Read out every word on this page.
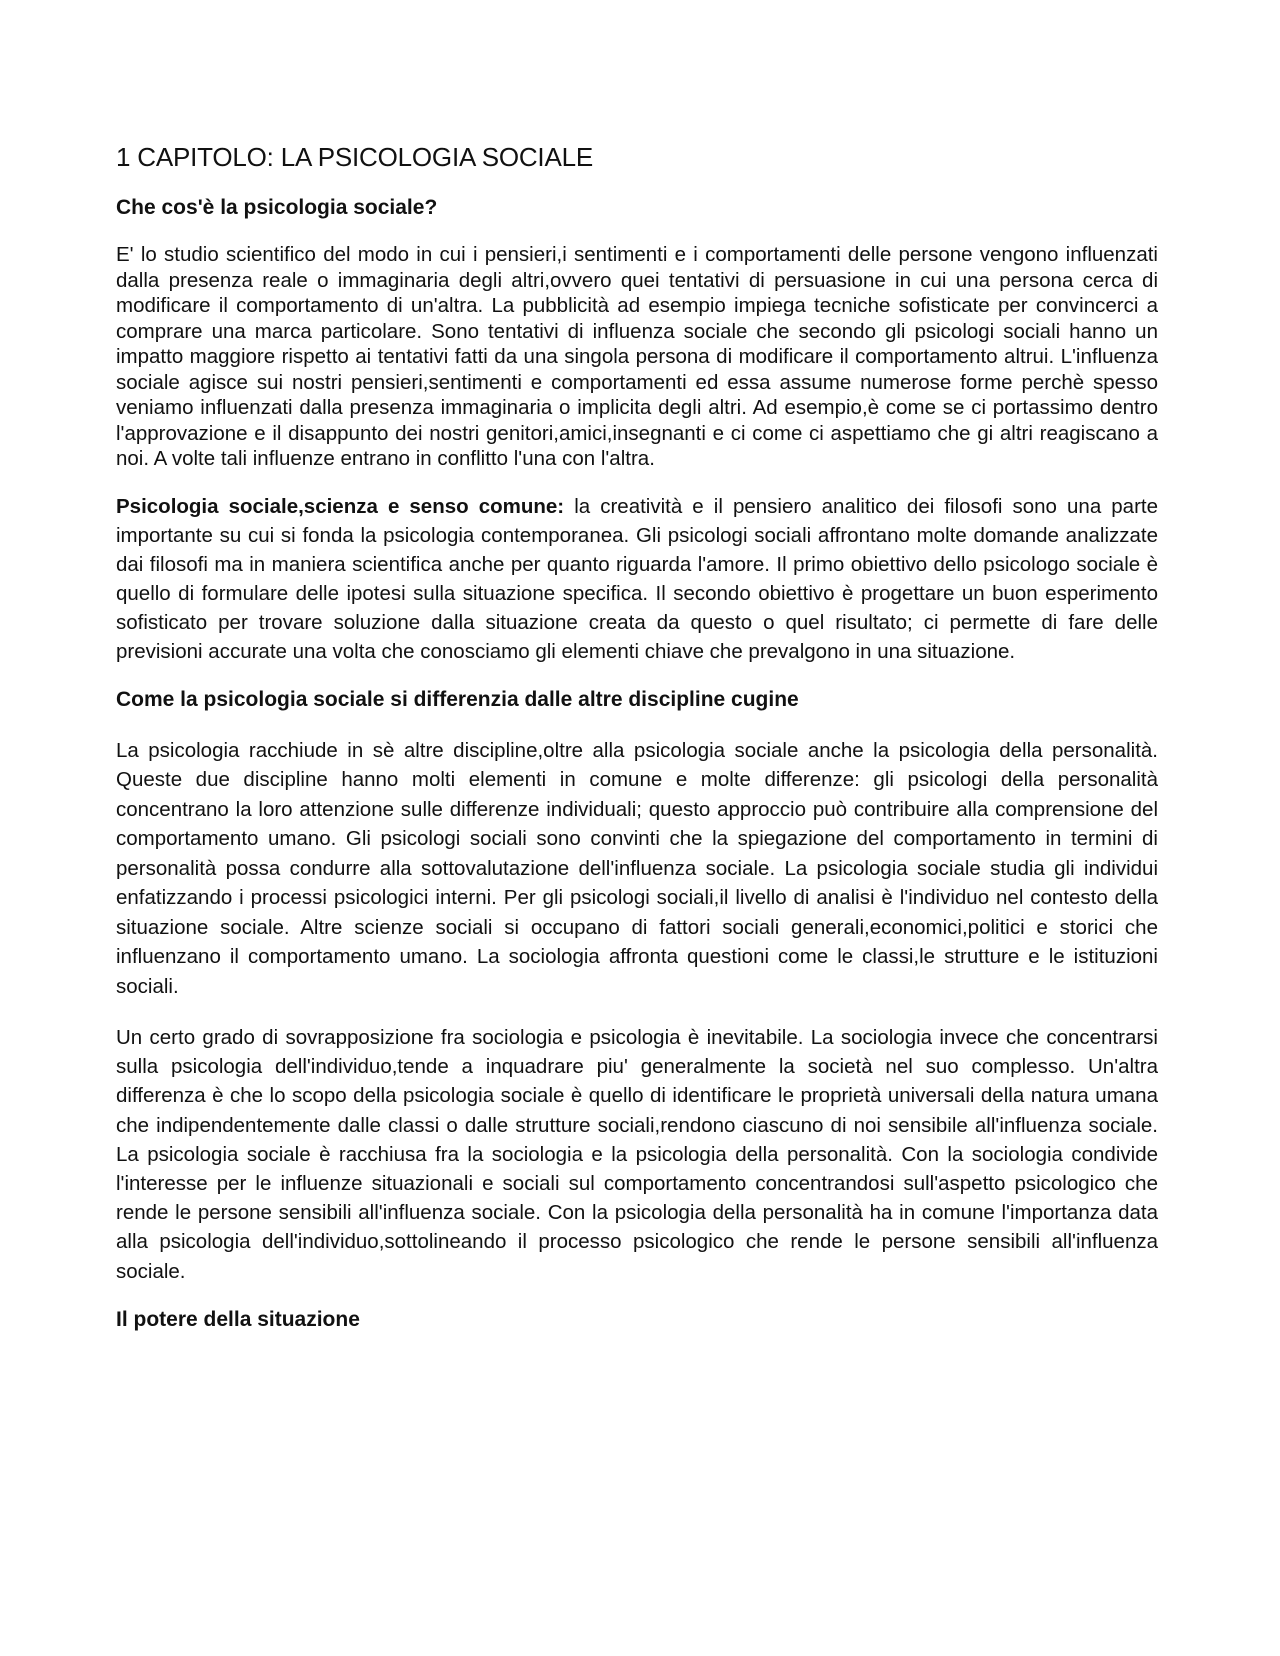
1 CAPITOLO: LA PSICOLOGIA SOCIALE
Che cos'è la psicologia sociale?

E' lo studio scientifico del modo in cui i pensieri,i sentimenti e i comportamenti delle persone vengono influenzati dalla presenza reale o immaginaria degli altri,ovvero quei tentativi di persuasione in cui una persona cerca di modificare il comportamento di un'altra. La pubblicità ad esempio impiega tecniche sofisticate per convincerci a comprare una marca particolare. Sono tentativi di influenza sociale che secondo gli psicologi sociali hanno un impatto maggiore rispetto ai tentativi fatti da una singola persona di modificare il comportamento altrui. L'influenza sociale agisce sui nostri pensieri,sentimenti e comportamenti ed essa assume numerose forme perchè spesso veniamo influenzati dalla presenza immaginaria o implicita degli altri. Ad esempio,è come se ci portassimo dentro l'approvazione e il disappunto dei nostri genitori,amici,insegnanti e ci come ci aspettiamo che gi altri reagiscano a noi. A volte tali influenze entrano in conflitto l'una con l'altra.

Psicologia sociale,scienza e senso comune: la creatività e il pensiero analitico dei filosofi sono una parte importante su cui si fonda la psicologia contemporanea. Gli psicologi sociali affrontano molte domande analizzate dai filosofi ma in maniera scientifica anche per quanto riguarda l'amore. Il primo obiettivo dello psicologo sociale è quello di formulare delle ipotesi sulla situazione specifica. Il secondo obiettivo è progettare un buon esperimento sofisticato per trovare soluzione dalla situazione creata da questo o quel risultato; ci permette di fare delle previsioni accurate una volta che conosciamo gli elementi chiave che prevalgono in una situazione.

Come la psicologia sociale si differenzia dalle altre discipline cugine

La psicologia racchiude in sè altre discipline,oltre alla psicologia sociale anche la psicologia della personalità. Queste due discipline hanno molti elementi in comune e molte differenze: gli psicologi della personalità concentrano la loro attenzione sulle differenze individuali; questo approccio può contribuire alla comprensione del comportamento umano. Gli psicologi sociali sono convinti che la spiegazione del comportamento in termini di personalità possa condurre alla sottovalutazione dell'influenza sociale. La psicologia sociale studia gli individui enfatizzando i processi psicologici interni. Per gli psicologi sociali,il livello di analisi è l'individuo nel contesto della situazione sociale. Altre scienze sociali si occupano di fattori sociali generali,economici,politici e storici che influenzano il comportamento umano. La sociologia affronta questioni come le classi,le strutture e le istituzioni sociali.

Un certo grado di sovrapposizione fra sociologia e psicologia è inevitabile. La sociologia invece che concentrarsi sulla psicologia dell'individuo,tende a inquadrare piu' generalmente la società nel suo complesso. Un'altra differenza è che lo scopo della psicologia sociale è quello di identificare le proprietà universali della natura umana che indipendentemente dalle classi o dalle strutture sociali,rendono ciascuno di noi sensibile all'influenza sociale. La psicologia sociale è racchiusa fra la sociologia e la psicologia della personalità. Con la sociologia condivide l'interesse per le influenze situazionali e sociali sul comportamento concentrandosi sull'aspetto psicologico che rende le persone sensibili all'influenza sociale. Con la psicologia della personalità ha in comune l'importanza data alla psicologia dell'individuo,sottolineando il processo psicologico che rende le persone sensibili all'influenza sociale.

Il potere della situazione
